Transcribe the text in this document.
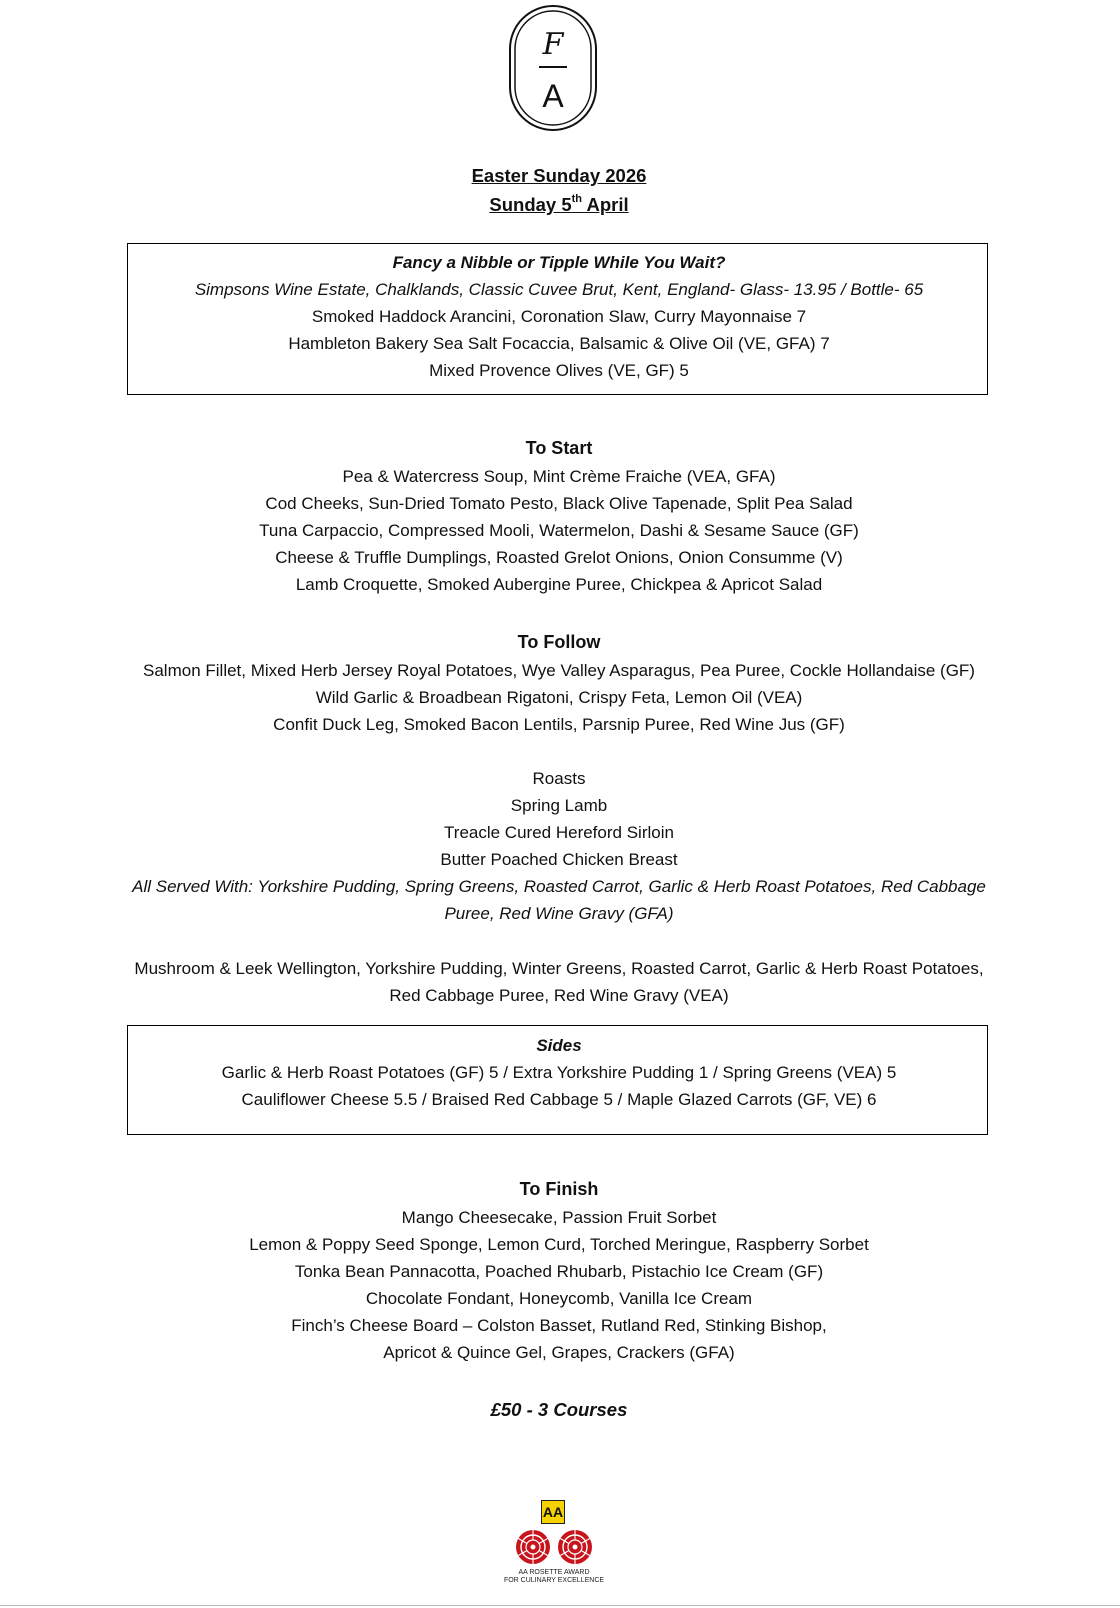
F
A
Easter Sunday 2026
Sunday 5th April
Fancy a Nibble or Tipple While You Wait?
Simpsons Wine Estate, Chalklands, Classic Cuvee Brut, Kent, England- Glass- 13.95 / Bottle- 65
Smoked Haddock Arancini, Coronation Slaw, Curry Mayonnaise 7
Hambleton Bakery Sea Salt Focaccia, Balsamic & Olive Oil (VE, GFA) 7
Mixed Provence Olives (VE, GF) 5
To Start
Pea & Watercress Soup, Mint Crème Fraiche (VEA, GFA)
Cod Cheeks, Sun-Dried Tomato Pesto, Black Olive Tapenade, Split Pea Salad
Tuna Carpaccio, Compressed Mooli, Watermelon, Dashi & Sesame Sauce (GF)
Cheese & Truffle Dumplings, Roasted Grelot Onions, Onion Consumme (V)
Lamb Croquette, Smoked Aubergine Puree, Chickpea & Apricot Salad
To Follow
Salmon Fillet, Mixed Herb Jersey Royal Potatoes, Wye Valley Asparagus, Pea Puree, Cockle Hollandaise (GF)
Wild Garlic & Broadbean Rigatoni, Crispy Feta, Lemon Oil (VEA)
Confit Duck Leg, Smoked Bacon Lentils, Parsnip Puree, Red Wine Jus (GF)
Roasts
Spring Lamb
Treacle Cured Hereford Sirloin
Butter Poached Chicken Breast
All Served With: Yorkshire Pudding, Spring Greens, Roasted Carrot, Garlic & Herb Roast Potatoes, Red Cabbage
Puree, Red Wine Gravy (GFA)
Mushroom & Leek Wellington, Yorkshire Pudding, Winter Greens, Roasted Carrot, Garlic & Herb Roast Potatoes,
Red Cabbage Puree, Red Wine Gravy (VEA)
Sides
Garlic & Herb Roast Potatoes (GF) 5 / Extra Yorkshire Pudding 1 / Spring Greens (VEA) 5
Cauliflower Cheese 5.5 / Braised Red Cabbage 5 / Maple Glazed Carrots (GF, VE) 6
To Finish
Mango Cheesecake, Passion Fruit Sorbet
Lemon & Poppy Seed Sponge, Lemon Curd, Torched Meringue, Raspberry Sorbet
Tonka Bean Pannacotta, Poached Rhubarb, Pistachio Ice Cream (GF)
Chocolate Fondant, Honeycomb, Vanilla Ice Cream
Finch’s Cheese Board – Colston Basset, Rutland Red, Stinking Bishop,
Apricot & Quince Gel, Grapes, Crackers (GFA)
£50 - 3 Courses
AA
AA ROSETTE AWARD
FOR CULINARY EXCELLENCE
